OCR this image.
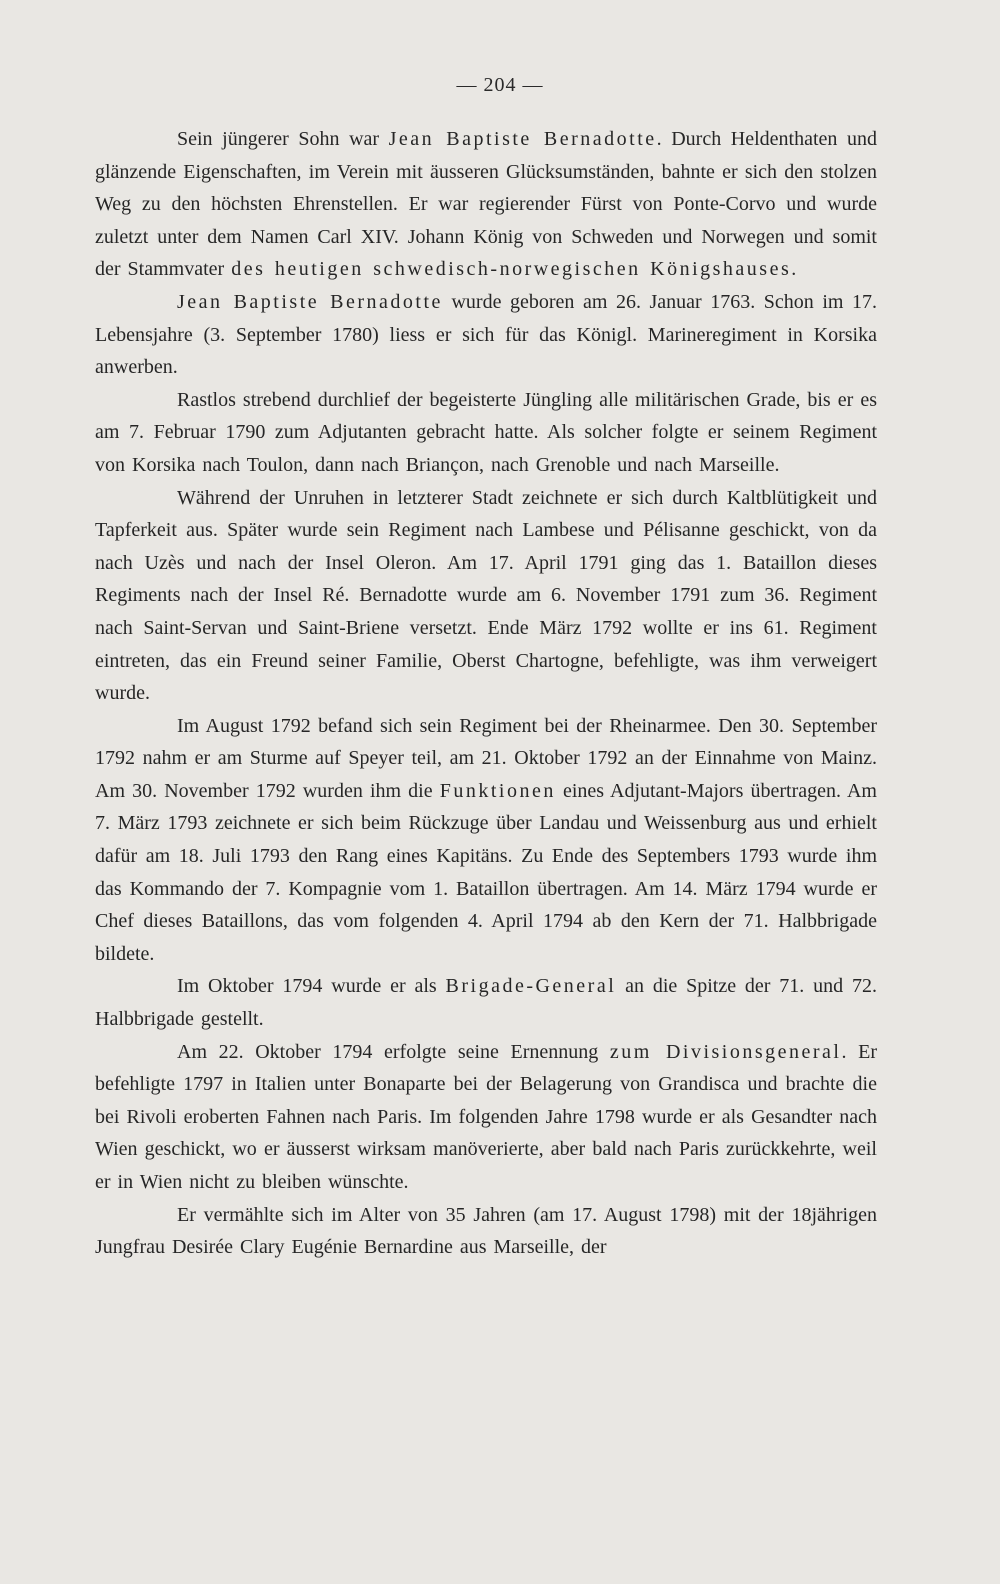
— 204 —

Sein jüngerer Sohn war Jean Baptiste Bernadotte. Durch Heldenthaten und glänzende Eigenschaften, im Verein mit äusseren Glücksumständen, bahnte er sich den stolzen Weg zu den höchsten Ehrenstellen. Er war regierender Fürst von Ponte-Corvo und wurde zuletzt unter dem Namen Carl XIV. Johann König von Schweden und Norwegen und somit der Stammvater des heutigen schwedisch-norwegischen Königshauses.

Jean Baptiste Bernadotte wurde geboren am 26. Januar 1763. Schon im 17. Lebensjahre (3. September 1780) liess er sich für das Königl. Marineregiment in Korsika anwerben.

Rastlos strebend durchlief der begeisterte Jüngling alle militärischen Grade, bis er es am 7. Februar 1790 zum Adjutanten gebracht hatte. Als solcher folgte er seinem Regiment von Korsika nach Toulon, dann nach Briançon, nach Grenoble und nach Marseille.

Während der Unruhen in letzterer Stadt zeichnete er sich durch Kaltblütigkeit und Tapferkeit aus. Später wurde sein Regiment nach Lambese und Pélisanne geschickt, von da nach Uzès und nach der Insel Oleron. Am 17. April 1791 ging das 1. Bataillon dieses Regiments nach der Insel Ré. Bernadotte wurde am 6. November 1791 zum 36. Regiment nach Saint-Servan und Saint-Briene versetzt. Ende März 1792 wollte er ins 61. Regiment eintreten, das ein Freund seiner Familie, Oberst Chartogne, befehligte, was ihm verweigert wurde.

Im August 1792 befand sich sein Regiment bei der Rheinarmee. Den 30. September 1792 nahm er am Sturme auf Speyer teil, am 21. Oktober 1792 an der Einnahme von Mainz. Am 30. November 1792 wurden ihm die Funktionen eines Adjutant-Majors übertragen. Am 7. März 1793 zeichnete er sich beim Rückzuge über Landau und Weissenburg aus und erhielt dafür am 18. Juli 1793 den Rang eines Kapitäns. Zu Ende des Septembers 1793 wurde ihm das Kommando der 7. Kompagnie vom 1. Bataillon übertragen. Am 14. März 1794 wurde er Chef dieses Bataillons, das vom folgenden 4. April 1794 ab den Kern der 71. Halbbrigade bildete.

Im Oktober 1794 wurde er als Brigade-General an die Spitze der 71. und 72. Halbbrigade gestellt.

Am 22. Oktober 1794 erfolgte seine Ernennung zum Divisionsgeneral. Er befehligte 1797 in Italien unter Bonaparte bei der Belagerung von Grandisca und brachte die bei Rivoli eroberten Fahnen nach Paris. Im folgenden Jahre 1798 wurde er als Gesandter nach Wien geschickt, wo er äusserst wirksam manöverierte, aber bald nach Paris zurückkehrte, weil er in Wien nicht zu bleiben wünschte.

Er vermählte sich im Alter von 35 Jahren (am 17. August 1798) mit der 18jährigen Jungfrau Desirée Clary Eugénie Bernardine aus Marseille, der
